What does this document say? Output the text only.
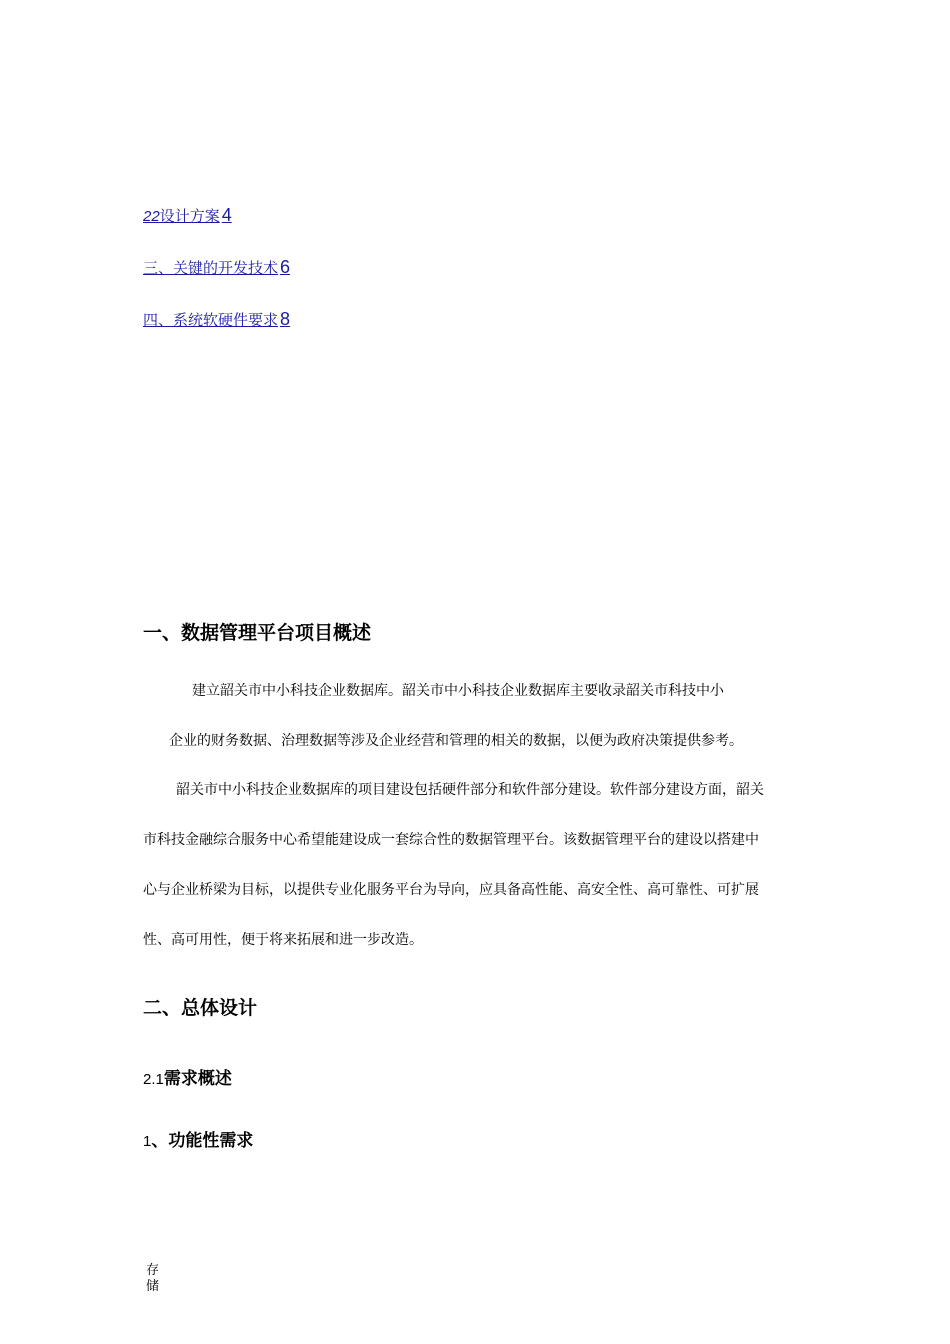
22设计方案 4
三、关键的开发技术 6
四、系统软硬件要求 8
一、数据管理平台项目概述
建立韶关市中小科技企业数据库。韶关市中小科技企业数据库主要收录韶关市科技中小
企业的财务数据、治理数据等涉及企业经营和管理的相关的数据，以便为政府决策提供参考。
韶关市中小科技企业数据库的项目建设包括硬件部分和软件部分建设。软件部分建设方面，韶关
市科技金融综合服务中心希望能建设成一套综合性的数据管理平台。该数据管理平台的建设以搭建中
心与企业桥梁为目标，以提供专业化服务平台为导向，应具备高性能、高安全性、高可靠性、可扩展
性、高可用性，便于将来拓展和进一步改造。
二、总体设计
2.1需求概述
1、功能性需求
存储
